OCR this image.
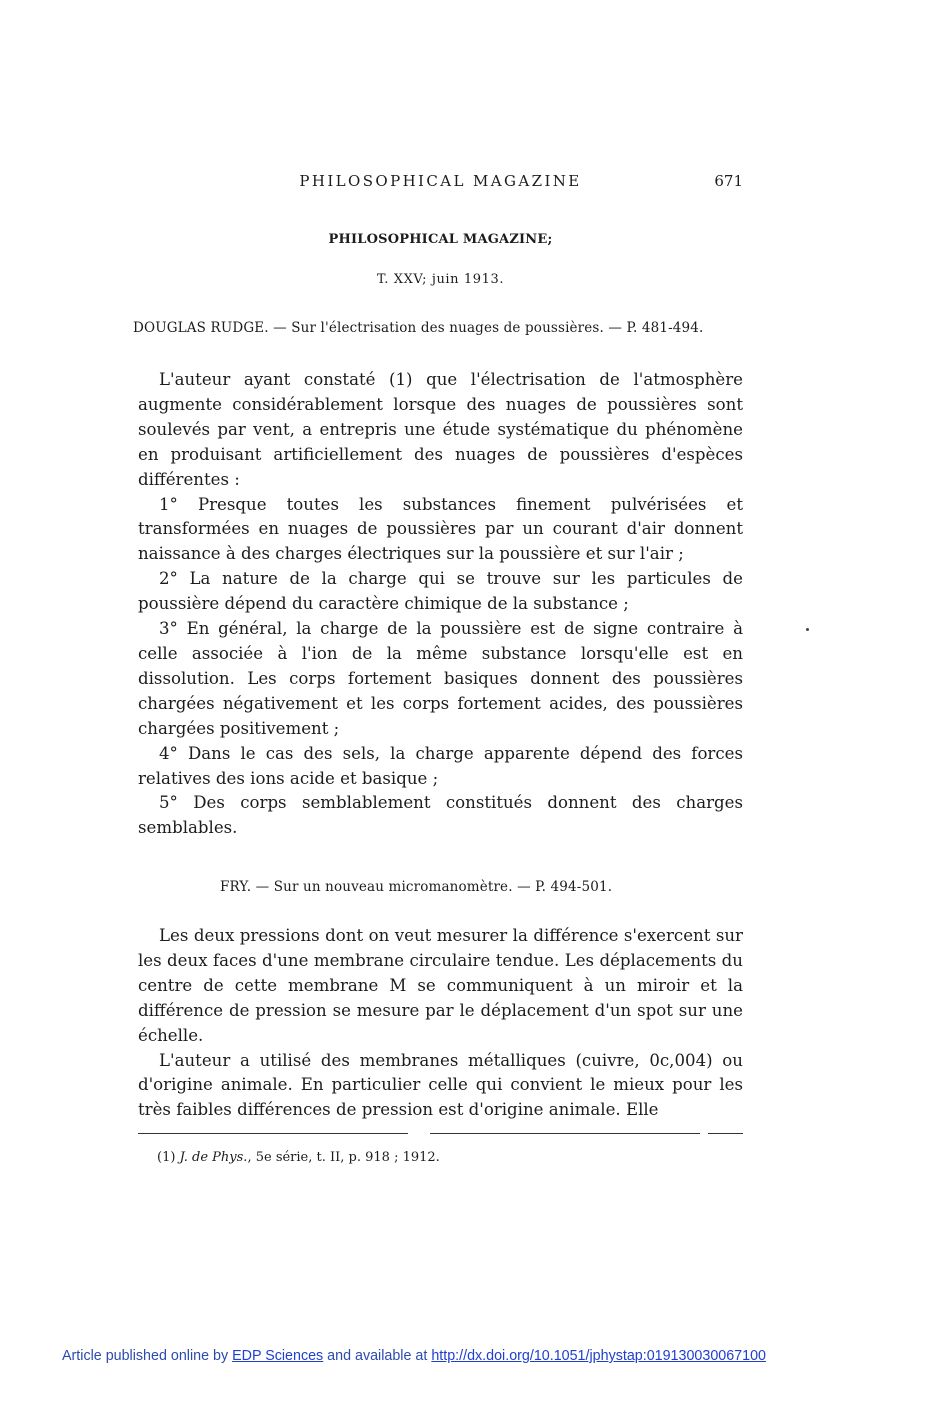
PHILOSOPHICAL MAGAZINE	671
PHILOSOPHICAL MAGAZINE;
T. XXV; juin 1913.
DOUGLAS RUDGE. — Sur l'électrisation des nuages de poussières. — P. 481-494.

L'auteur ayant constaté (1) que l'électrisation de l'atmosphère augmente considérablement lorsque des nuages de poussières sont soulevés par vent, a entrepris une étude systématique du phénomène en produisant artificiellement des nuages de poussières d'espèces différentes :

1° Presque toutes les substances finement pulvérisées et transformées en nuages de poussières par un courant d'air donnent naissance à des charges électriques sur la poussière et sur l'air ;

2° La nature de la charge qui se trouve sur les particules de poussière dépend du caractère chimique de la substance ;

3° En général, la charge de la poussière est de signe contraire à celle associée à l'ion de la même substance lorsqu'elle est en dissolution. Les corps fortement basiques donnent des poussières chargées négativement et les corps fortement acides, des poussières chargées positivement ;

4° Dans le cas des sels, la charge apparente dépend des forces relatives des ions acide et basique ;

5° Des corps semblablement constitués donnent des charges semblables.

FRY. — Sur un nouveau micromanomètre. — P. 494-501.

Les deux pressions dont on veut mesurer la différence s'exercent sur les deux faces d'une membrane circulaire tendue. Les déplacements du centre de cette membrane M se communiquent à un miroir et la différence de pression se mesure par le déplacement d'un spot sur une échelle.

L'auteur a utilisé des membranes métalliques (cuivre, 0c,004) ou d'origine animale. En particulier celle qui convient le mieux pour les très faibles différences de pression est d'origine animale. Elle

(1) J. de Phys., 5e série, t. II, p. 918 ; 1912.
Article published online by EDP Sciences and available at http://dx.doi.org/10.1051/jphystap:019130030067100
